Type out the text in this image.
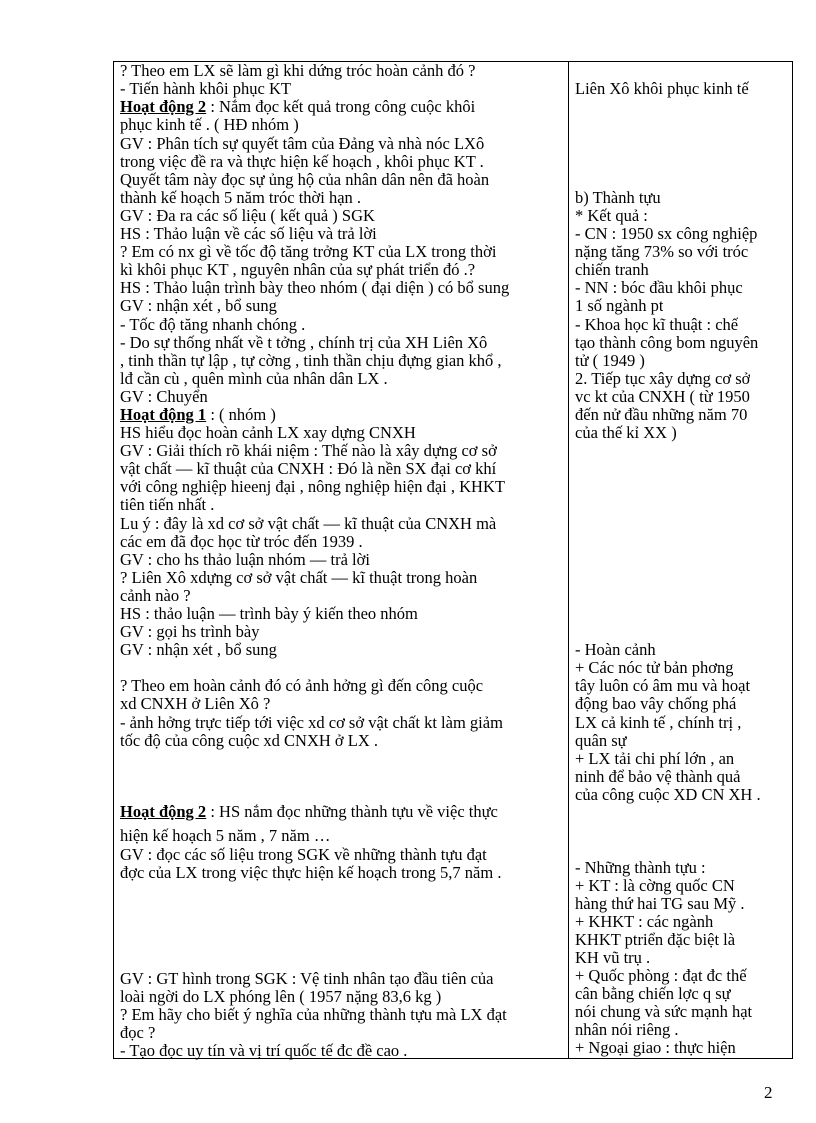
? Theo em LX sẽ làm gì khi dứng tróc hoàn cảnh đó ?
- Tiến hành khôi phục KT
Hoạt động 2 : Nắm đọc kết quả trong công cuộc khôi
phục kinh tế . ( HĐ nhóm )
GV : Phân tích sự quyết tâm của Đảng và nhà nóc LXô
trong việc đề ra và thực hiện kế hoạch , khôi phục KT .
Quyết tâm này đọc sự ủng hộ của nhân dân nên đã hoàn
thành kế hoạch 5 năm tróc thời hạn .
GV : Đa ra các số liệu ( kết quả ) SGK
HS : Thảo luận về các số liệu và trả lời
? Em có nx gì về tốc độ tăng trởng KT của LX trong thời
kì khôi phục KT , nguyên nhân của sự phát triển đó .?
HS : Thảo luận trình bày theo nhóm ( đại diện ) có bổ sung
GV : nhận xét , bổ sung
- Tốc độ tăng nhanh chóng .
- Do sự thống nhất về t tởng , chính trị của XH Liên Xô
, tinh thần tự lập , tự cờng , tinh thần chịu đựng gian khổ ,
lđ cần cù , quên mình của nhân dân LX .
GV : Chuyển
Hoạt động 1 : ( nhóm )
HS hiểu đọc hoàn cảnh LX xay dựng CNXH
GV : Giải thích rõ khái niệm : Thế nào là xây dựng cơ sở
vật chất — kĩ thuật của CNXH : Đó là nền SX đại cơ khí
với công nghiệp hieenj đại , nông nghiệp hiện đại , KHKT
tiên tiến nhất .
Lu ý : đây là xd cơ sở vật chất — kĩ thuật của CNXH mà
các em đã đọc học từ tróc đến 1939 .
GV : cho hs thảo luận nhóm — trả lời
? Liên Xô xdựng cơ sở vật chất — kĩ thuật trong hoàn
cảnh nào ?
HS : thảo luận — trình bày ý kiến theo nhóm
GV : gọi hs trình bày
GV : nhận xét , bổ sung
? Theo em hoàn cảnh đó có ảnh hởng gì đến công cuộc
xd CNXH ở Liên Xô ?
- ảnh hởng trực tiếp tới việc xd cơ sở vật chất kt làm giảm
tốc độ của công cuộc xd CNXH ở LX .
Hoạt động 2 : HS nắm đọc những thành tựu về việc thực
hiện kế hoạch 5 năm , 7 năm …
GV : đọc các số liệu trong SGK về những thành tựu đạt
đợc của LX trong việc thực hiện kế hoạch trong 5,7 năm .
GV : GT hình trong SGK : Vệ tinh nhân tạo đầu tiên của
loài ngời do LX phóng lên ( 1957 nặng 83,6 kg )
? Em hãy cho biết ý nghĩa của những thành tựu mà LX đạt
đọc ?
- Tạo đọc uy tín và vị trí quốc tế đc đề cao .
Liên Xô khôi phục kinh tế
b) Thành tựu
* Kết quả :
- CN : 1950 sx công nghiệp
nặng tăng 73% so với tróc
chiến tranh
- NN : bóc đầu khôi phục
1 số ngành pt
- Khoa học kĩ thuật : chế
tạo thành công bom nguyên
tử ( 1949 )
2. Tiếp tục xây dựng cơ sở
vc kt của CNXH ( từ 1950
đến nử đầu những năm 70
của thế kỉ XX )
- Hoàn cảnh
+ Các nóc tử bản phơng
tây luôn có âm mu và hoạt
động bao vây chống phá
LX cả kinh tế , chính trị ,
quân sự
+ LX tải chi phí lớn , an
ninh để bảo vệ thành quả
của công cuộc XD CN XH .
- Những thành tựu :
+ KT : là cờng quốc CN
hàng thứ hai TG sau Mỹ .
+ KHKT : các ngành
KHKT ptriển đặc biệt là
KH vũ trụ .
+ Quốc phòng : đạt đc thế
cân bằng chiến lợc q sự
nói chung và sức mạnh hạt
nhân nói riêng .
+ Ngoại giao : thực hiện
2
